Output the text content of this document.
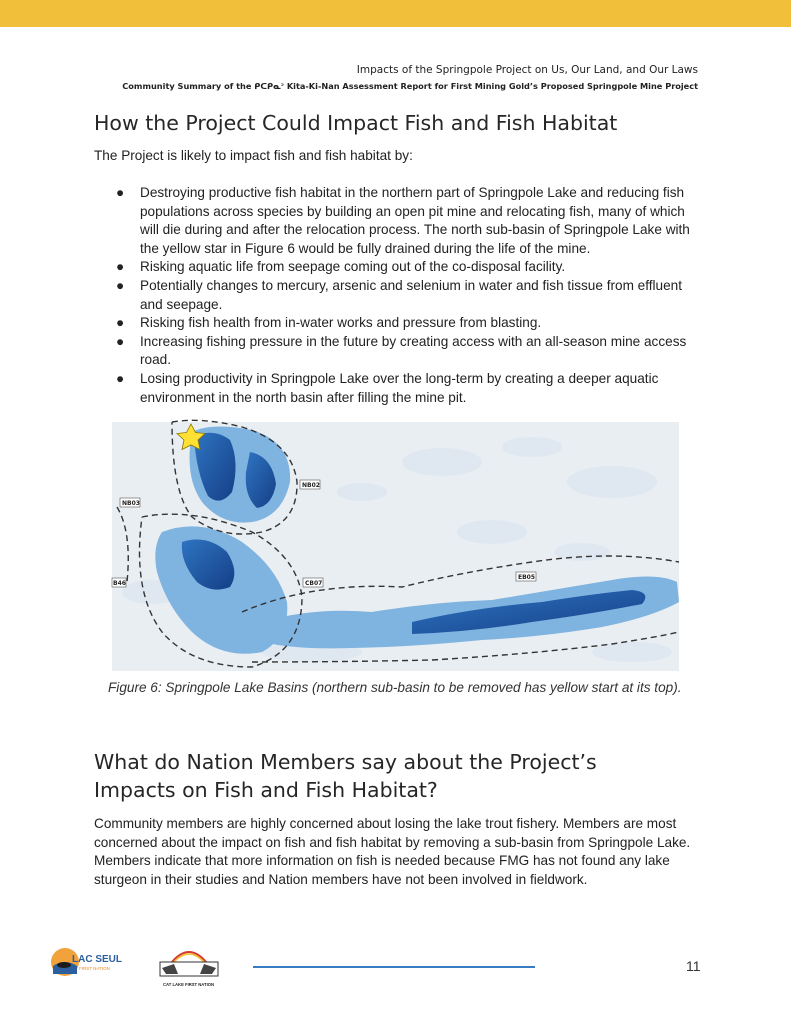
Impacts of the Springpole Project on Us, Our Land, and Our Laws
Community Summary of the ᑭᑕᑭᓇᐣ Kita-Ki-Nan Assessment Report for First Mining Gold’s Proposed Springpole Mine Project
How the Project Could Impact Fish and Fish Habitat

The Project is likely to impact fish and fish habitat by:

● Destroying productive fish habitat in the northern part of Springpole Lake and reducing fish populations across species by building an open pit mine and relocating fish, many of which will die during and after the relocation process. The north sub-basin of Springpole Lake with the yellow star in Figure 6 would be fully drained during the life of the mine.
● Risking aquatic life from seepage coming out of the co-disposal facility.
● Potentially changes to mercury, arsenic and selenium in water and fish tissue from effluent and seepage.
● Risking fish health from in-water works and pressure from blasting.
● Increasing fishing pressure in the future by creating access with an all-season mine access road.
● Losing productivity in Springpole Lake over the long-term by creating a deeper aquatic environment in the north basin after filling the mine pit.
NB03
NB02
CB07
EB05
B46

Figure 6: Springpole Lake Basins (northern sub-basin to be removed has yellow start at its top).

What do Nation Members say about the Project’s
Impacts on Fish and Fish Habitat?

Community members are highly concerned about losing the lake trout fishery. Members are most concerned about the impact on fish and fish habitat by removing a sub-basin from Springpole Lake. Members indicate that more information on fish is needed because FMG has not found any lake sturgeon in their studies and Nation members have not been involved in fieldwork.

LAC SEUL
FIRST NATION
CAT LAKE FIRST NATION
11
